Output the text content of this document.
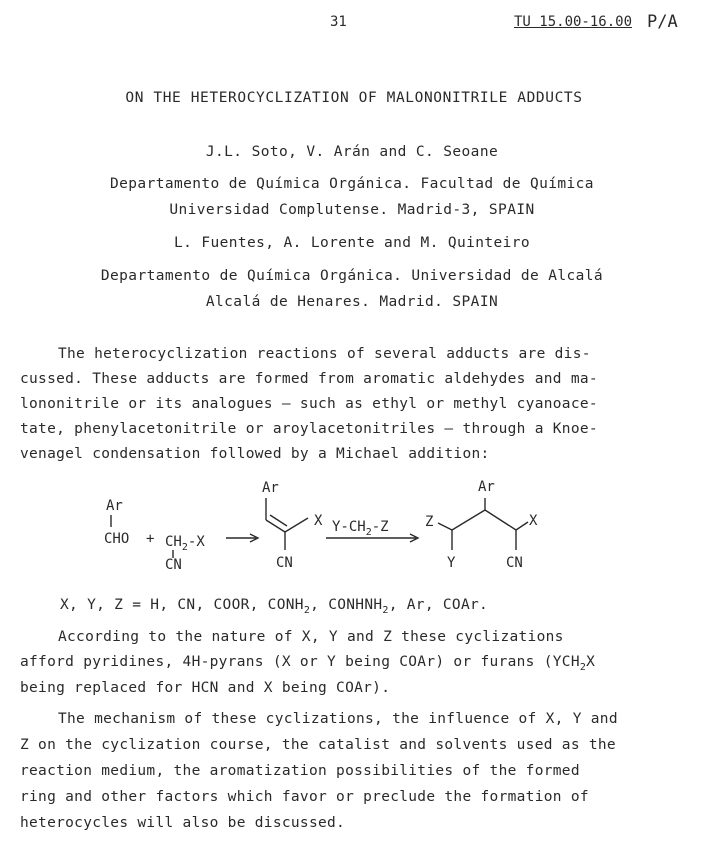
31	TU 15.00-16.00 P/A
ON THE HETEROCYCLIZATION OF MALONONITRILE ADDUCTS
J.L. Soto, V. Arán and C. Seoane
Departamento de Química Orgánica. Facultad de Química
Universidad Complutense. Madrid-3, SPAIN
L. Fuentes, A. Lorente and M. Quinteiro
Departamento de Química Orgánica. Universidad de Alcalá
Alcalá de Henares. Madrid. SPAIN
The heterocyclization reactions of several adducts are dis-
cussed. These adducts are formed from aromatic aldehydes and ma-
lononitrile or its analogues — such as ethyl or methyl cyanoace-
tate, phenylacetonitrile or aroylacetonitriles — through a Knoe-
venagel condensation followed by a Michael addition:
Ar
CHO + $CH_2-X$
CN
Ar
X
CN
$Y-CH_2-Z$
Ar
Z
Y
X
CN
X, Y, Z = H, CN, COOR, $CONH_2$, $CONHNH_2$, Ar, COAr.
According to the nature of X, Y and Z these cyclizations
afford pyridines, 4H-pyrans (X or Y being COAr) or furans ($YCH_2X$
being replaced for HCN and X being COAr).
The mechanism of these cyclizations, the influence of X, Y and
Z on the cyclization course, the catalist and solvents used as the
reaction medium, the aromatization possibilities of the formed
ring and other factors which favor or preclude the formation of
heterocycles will also be discussed.
